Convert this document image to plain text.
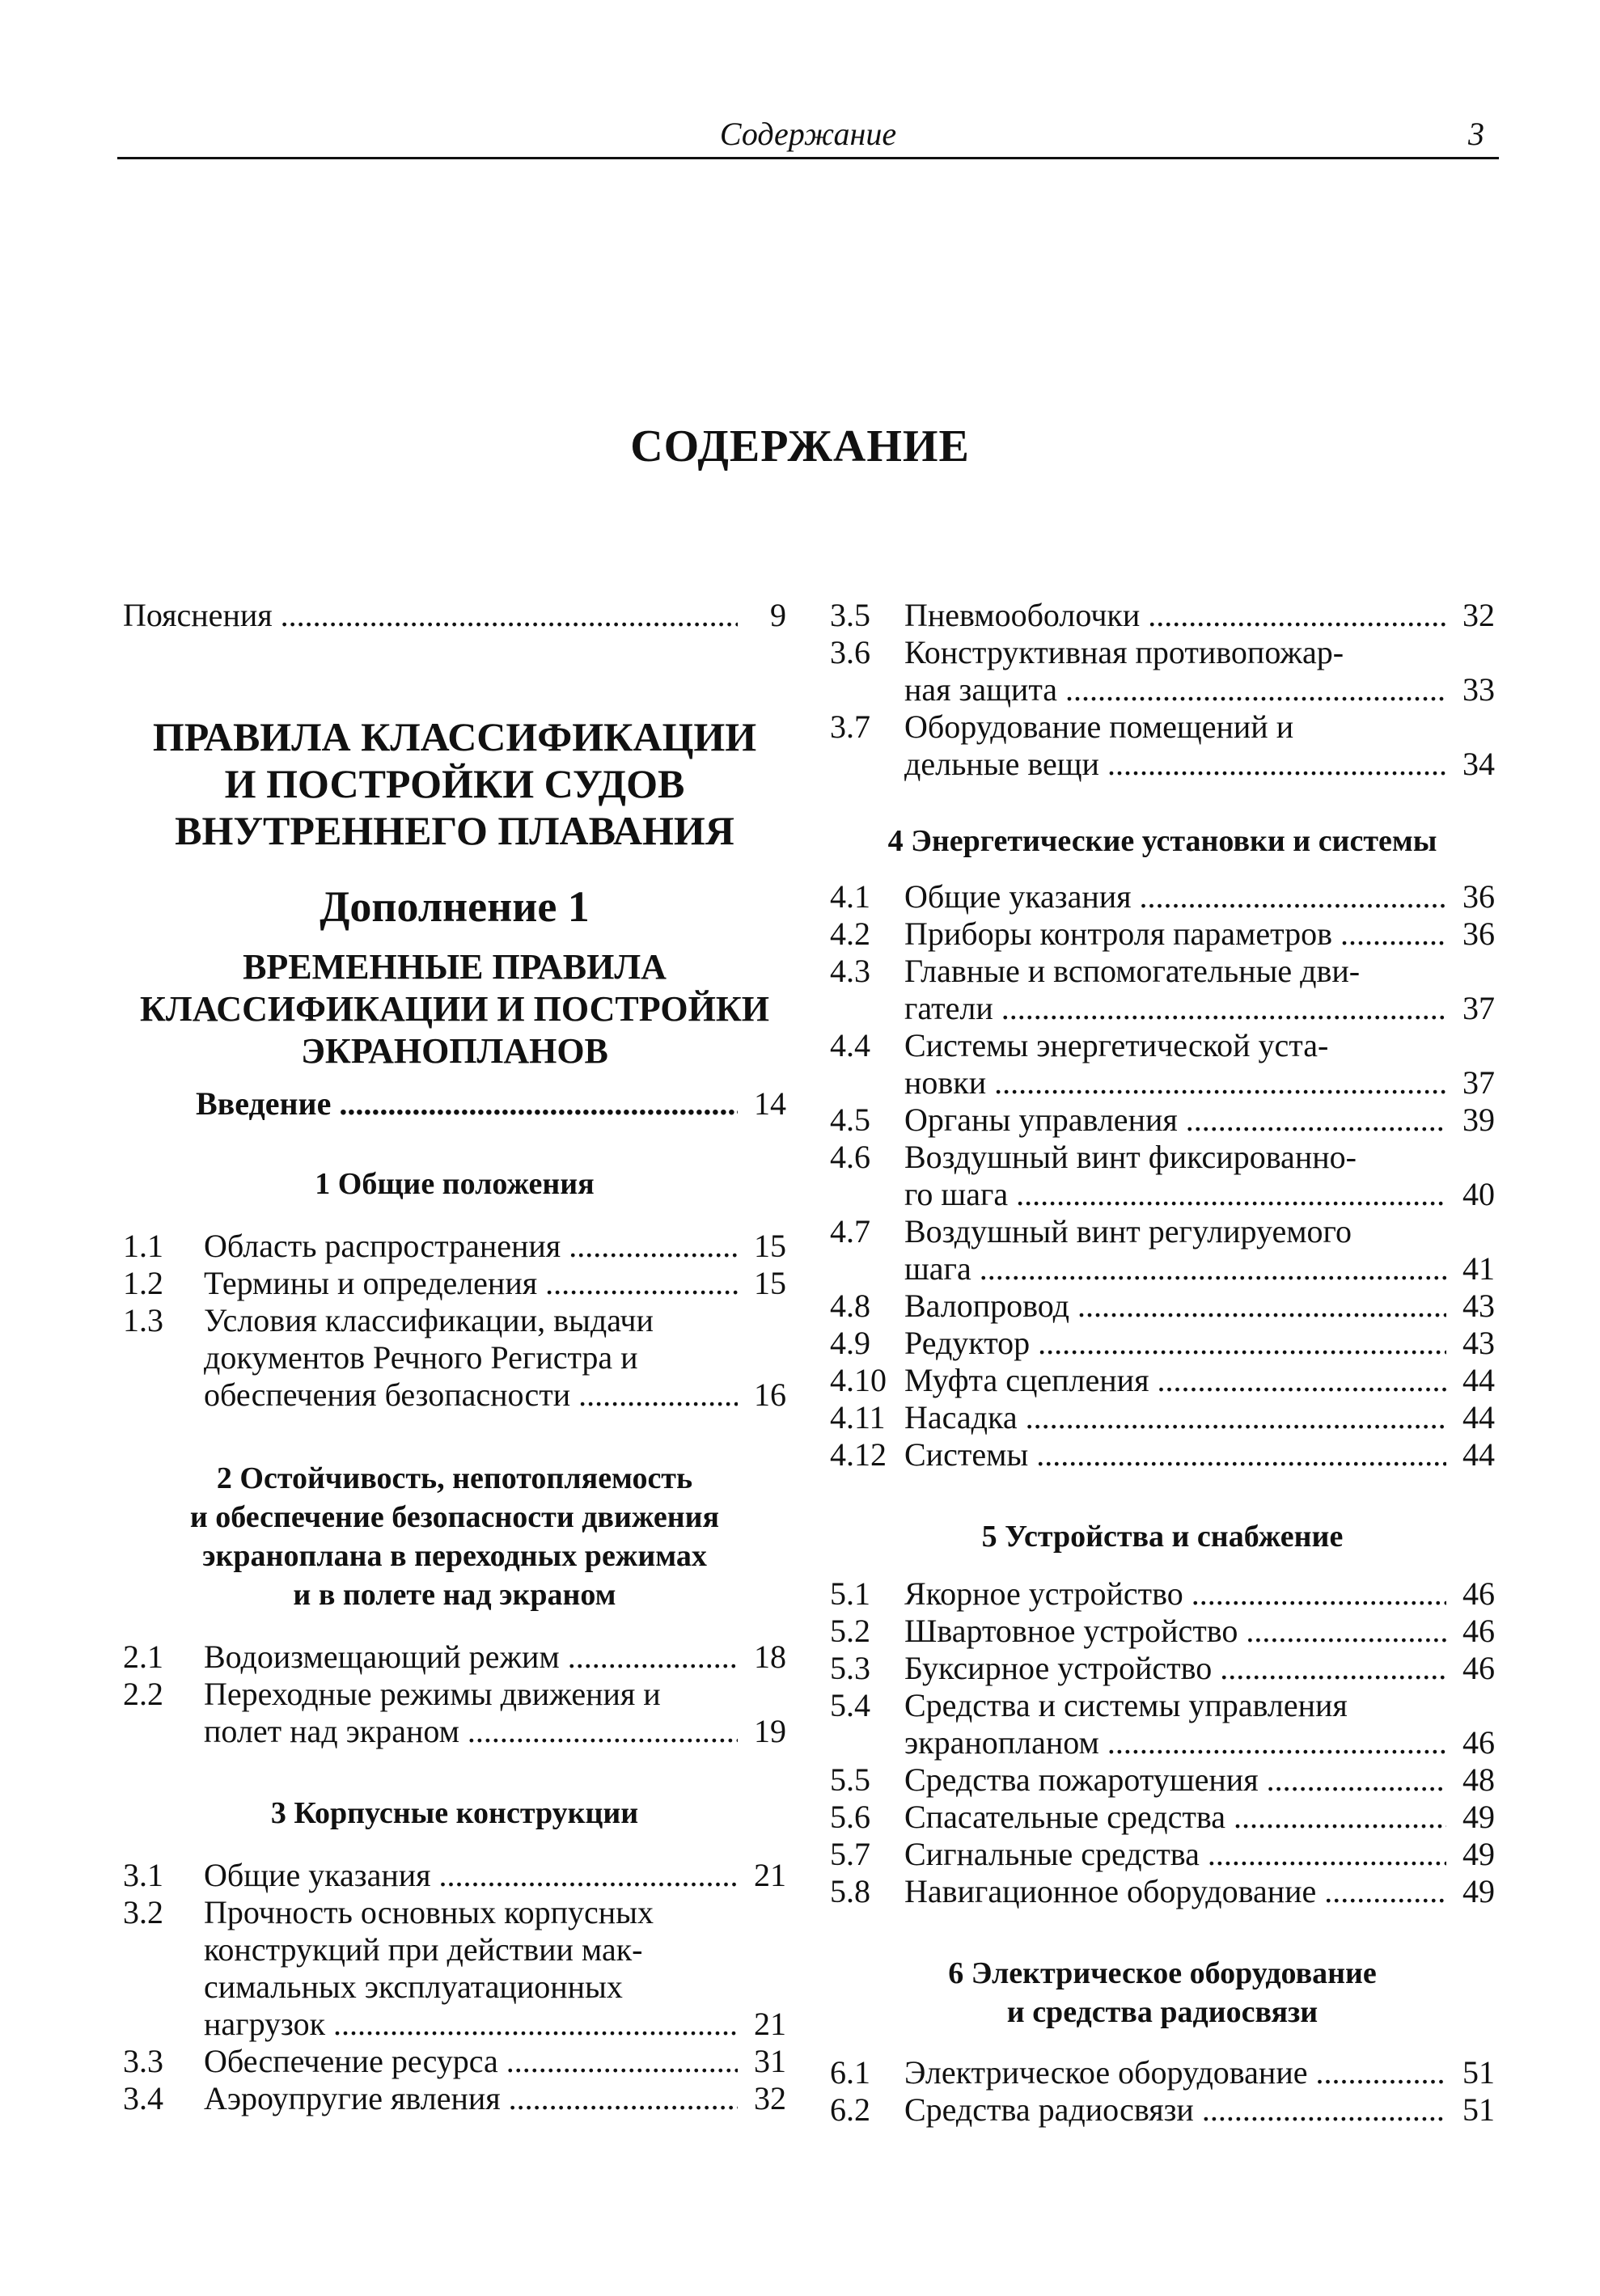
Содержание	3
СОДЕРЖАНИЕ
Пояснения .....	9
ПРАВИЛА КЛАССИФИКАЦИИ
И ПОСТРОЙКИ СУДОВ
ВНУТРЕННЕГО ПЛАВАНИЯ
Дополнение 1
ВРЕМЕННЫЕ ПРАВИЛА
КЛАССИФИКАЦИИ И ПОСТРОЙКИ
ЭКРАНОПЛАНОВ
Введение .....	14
1 Общие положения
1.1 Область распространения .....	15
1.2 Термины и определения .....	15
1.3 Условия классификации, выдачи
документов Речного Регистра и
обеспечения безопасности .....	16
2 Остойчивость, непотопляемость
и обеспечение безопасности движения
экраноплана в переходных режимах
и в полете над экраном
2.1 Водоизмещающий режим .....	18
2.2 Переходные режимы движения и
полет над экраном .....	19
3 Корпусные конструкции
3.1 Общие указания .....	21
3.2 Прочность основных корпусных
конструкций при действии мак-
симальных эксплуатационных
нагрузок .....	21
3.3 Обеспечение ресурса .....	31
3.4 Аэроупругие явления .....	32
3.5 Пневмооболочки .....	32
3.6 Конструктивная противопожар-
ная защита .....	33
3.7 Оборудование помещений и
дельные вещи .....	34
4 Энергетические установки и системы
4.1 Общие указания .....	36
4.2 Приборы контроля параметров .....	36
4.3 Главные и вспомогательные дви-
гатели .....	37
4.4 Системы энергетической уста-
новки .....	37
4.5 Органы управления .....	39
4.6 Воздушный винт фиксированно-
го шага .....	40
4.7 Воздушный винт регулируемого
шага .....	41
4.8 Валопровод .....	43
4.9 Редуктор .....	43
4.10 Муфта сцепления .....	44
4.11 Насадка .....	44
4.12 Системы .....	44
5 Устройства и снабжение
5.1 Якорное устройство .....	46
5.2 Швартовное устройство .....	46
5.3 Буксирное устройство .....	46
5.4 Средства и системы управления
экранопланом .....	46
5.5 Средства пожаротушения .....	48
5.6 Спасательные средства .....	49
5.7 Сигнальные средства .....	49
5.8 Навигационное оборудование .....	49
6 Электрическое оборудование
и средства радиосвязи
6.1 Электрическое оборудование .....	51
6.2 Средства радиосвязи .....	51
